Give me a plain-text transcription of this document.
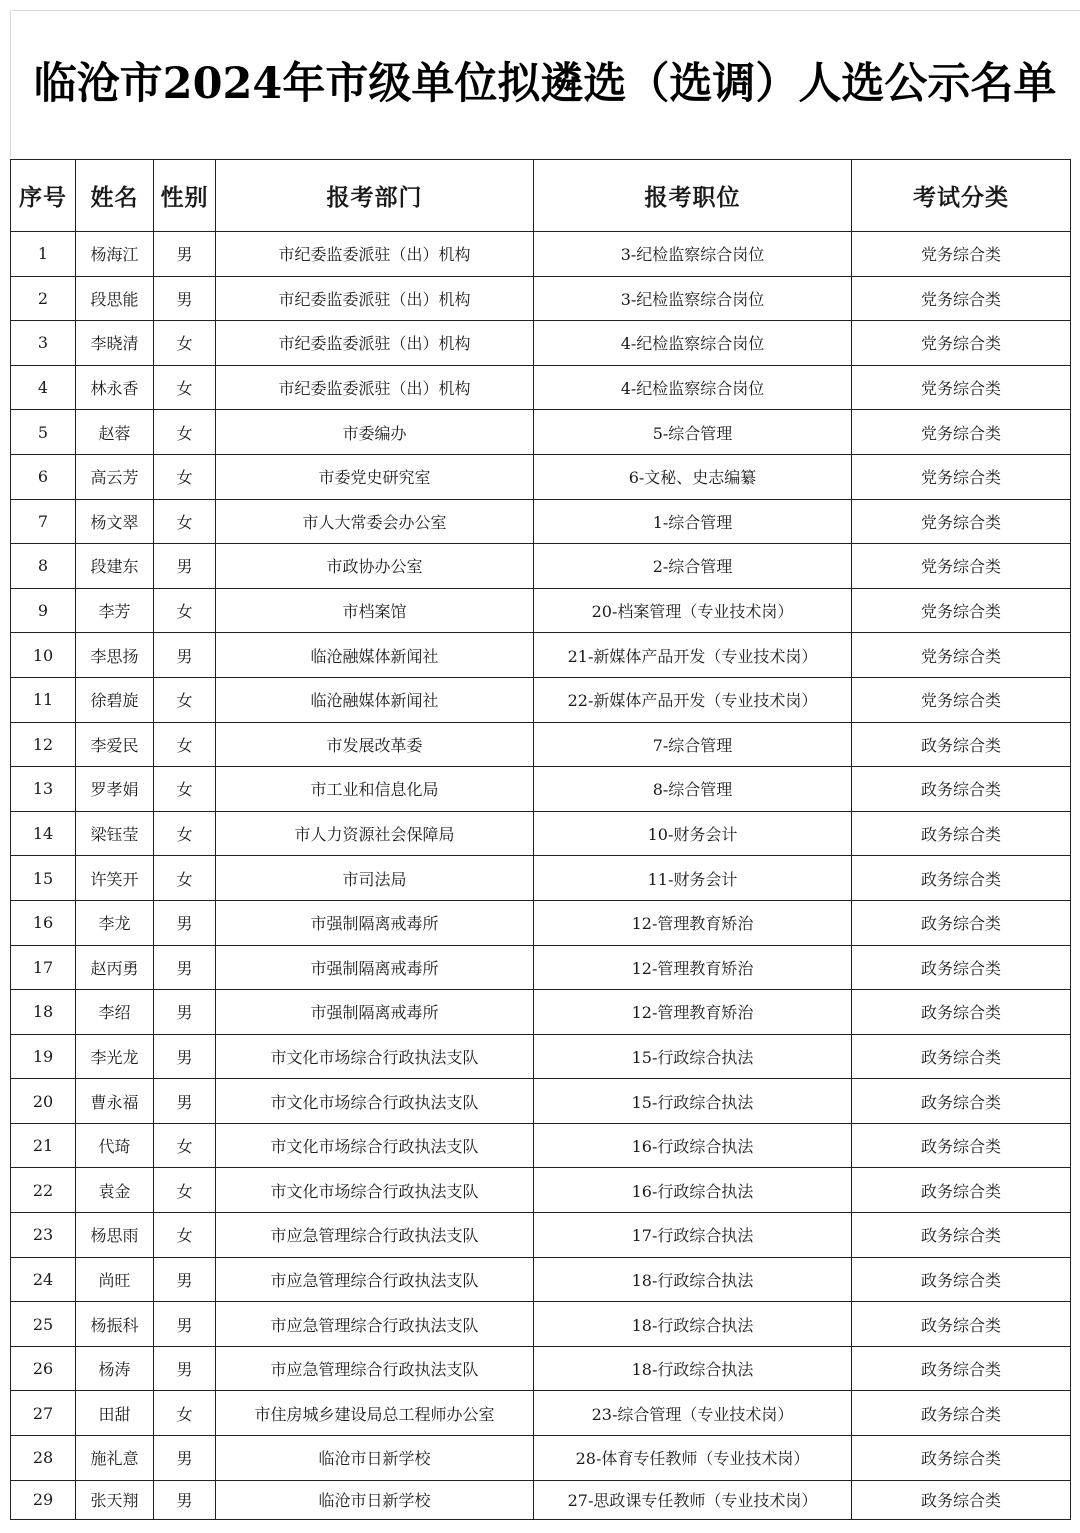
临沧市2024年市级单位拟遴选（选调）人选公示名单
序号	姓名	性别	报考部门	报考职位	考试分类
1	杨海江	男	市纪委监委派驻（出）机构	3-纪检监察综合岗位	党务综合类
2	段思能	男	市纪委监委派驻（出）机构	3-纪检监察综合岗位	党务综合类
3	李晓清	女	市纪委监委派驻（出）机构	4-纪检监察综合岗位	党务综合类
4	林永香	女	市纪委监委派驻（出）机构	4-纪检监察综合岗位	党务综合类
5	赵蓉	女	市委编办	5-综合管理	党务综合类
6	高云芳	女	市委党史研究室	6-文秘、史志编纂	党务综合类
7	杨文翠	女	市人大常委会办公室	1-综合管理	党务综合类
8	段建东	男	市政协办公室	2-综合管理	党务综合类
9	李芳	女	市档案馆	20-档案管理（专业技术岗）	党务综合类
10	李思扬	男	临沧融媒体新闻社	21-新媒体产品开发（专业技术岗）	党务综合类
11	徐碧旋	女	临沧融媒体新闻社	22-新媒体产品开发（专业技术岗）	党务综合类
12	李爱民	女	市发展改革委	7-综合管理	政务综合类
13	罗孝娟	女	市工业和信息化局	8-综合管理	政务综合类
14	梁钰莹	女	市人力资源社会保障局	10-财务会计	政务综合类
15	许笑开	女	市司法局	11-财务会计	政务综合类
16	李龙	男	市强制隔离戒毒所	12-管理教育矫治	政务综合类
17	赵丙勇	男	市强制隔离戒毒所	12-管理教育矫治	政务综合类
18	李绍	男	市强制隔离戒毒所	12-管理教育矫治	政务综合类
19	李光龙	男	市文化市场综合行政执法支队	15-行政综合执法	政务综合类
20	曹永福	男	市文化市场综合行政执法支队	15-行政综合执法	政务综合类
21	代琦	女	市文化市场综合行政执法支队	16-行政综合执法	政务综合类
22	袁金	女	市文化市场综合行政执法支队	16-行政综合执法	政务综合类
23	杨思雨	女	市应急管理综合行政执法支队	17-行政综合执法	政务综合类
24	尚旺	男	市应急管理综合行政执法支队	18-行政综合执法	政务综合类
25	杨振科	男	市应急管理综合行政执法支队	18-行政综合执法	政务综合类
26	杨涛	男	市应急管理综合行政执法支队	18-行政综合执法	政务综合类
27	田甜	女	市住房城乡建设局总工程师办公室	23-综合管理（专业技术岗）	政务综合类
28	施礼意	男	临沧市日新学校	28-体育专任教师（专业技术岗）	政务综合类
29	张天翔	男	临沧市日新学校	27-思政课专任教师（专业技术岗）	政务综合类
